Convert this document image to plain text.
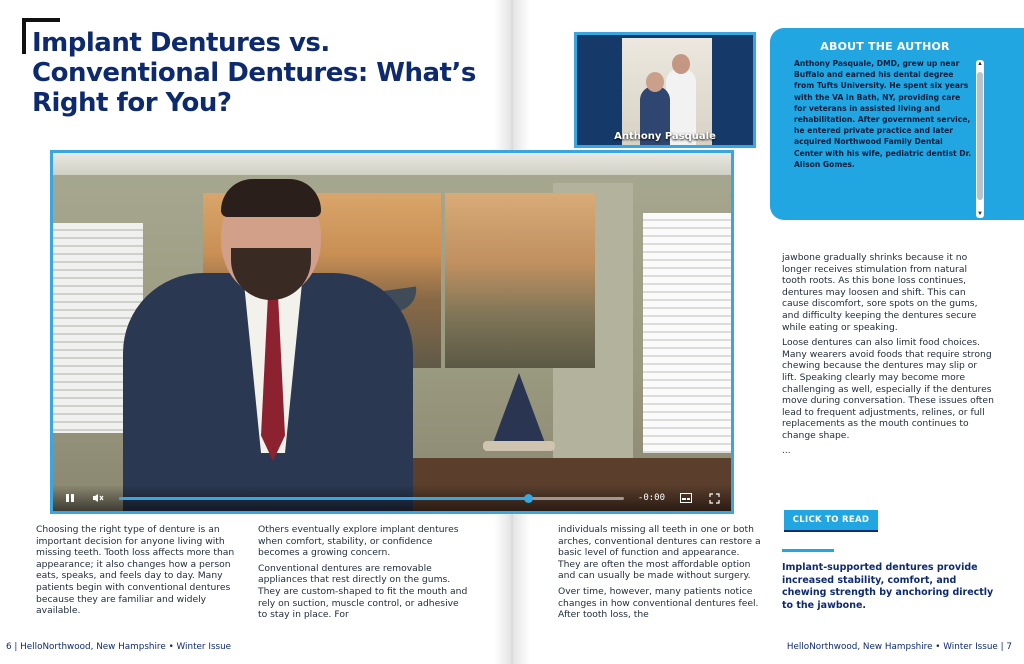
Implant Dentures vs. Conventional Dentures: What’s Right for You?
-0:00
Anthony Pasquale
ABOUT THE AUTHOR
Anthony Pasquale, DMD, grew up near Buffalo and earned his dental degree from Tufts University. He spent six years with the VA in Bath, NY, providing care for veterans in assisted living and rehabilitation. After government service, he entered private practice and later acquired Northwood Family Dental Center with his wife, pediatric dentist Dr. Alison Gomes.
▲
▼

Choosing the right type of denture is an important decision for anyone living with missing teeth. Tooth loss affects more than appearance; it also changes how a person eats, speaks, and feels day to day. Many patients begin with conventional dentures because they are familiar and widely available.

Others eventually explore implant dentures when comfort, stability, or confidence becomes a growing concern.

Conventional dentures are removable appliances that rest directly on the gums. They are custom-shaped to fit the mouth and rely on suction, muscle control, or adhesive to stay in place. For

individuals missing all teeth in one or both arches, conventional dentures can restore a basic level of function and appearance. They are often the most affordable option and can usually be made without surgery.

Over time, however, many patients notice changes in how conventional dentures feel. After tooth loss, the

jawbone gradually shrinks because it no longer receives stimulation from natural tooth roots. As this bone loss continues, dentures may loosen and shift. This can cause discomfort, sore spots on the gums, and difficulty keeping the dentures secure while eating or speaking.

Loose dentures can also limit food choices. Many wearers avoid foods that require strong chewing because the dentures may slip or lift. Speaking clearly may become more challenging as well, especially if the dentures move during conversation. These issues often lead to frequent adjustments, relines, or full replacements as the mouth continues to change shape.

...
CLICK TO READ
Implant-supported dentures provide increased stability, comfort, and chewing strength by anchoring directly to the jawbone.
6 | HelloNorthwood, New Hampshire • Winter Issue	HelloNorthwood, New Hampshire • Winter Issue | 7
